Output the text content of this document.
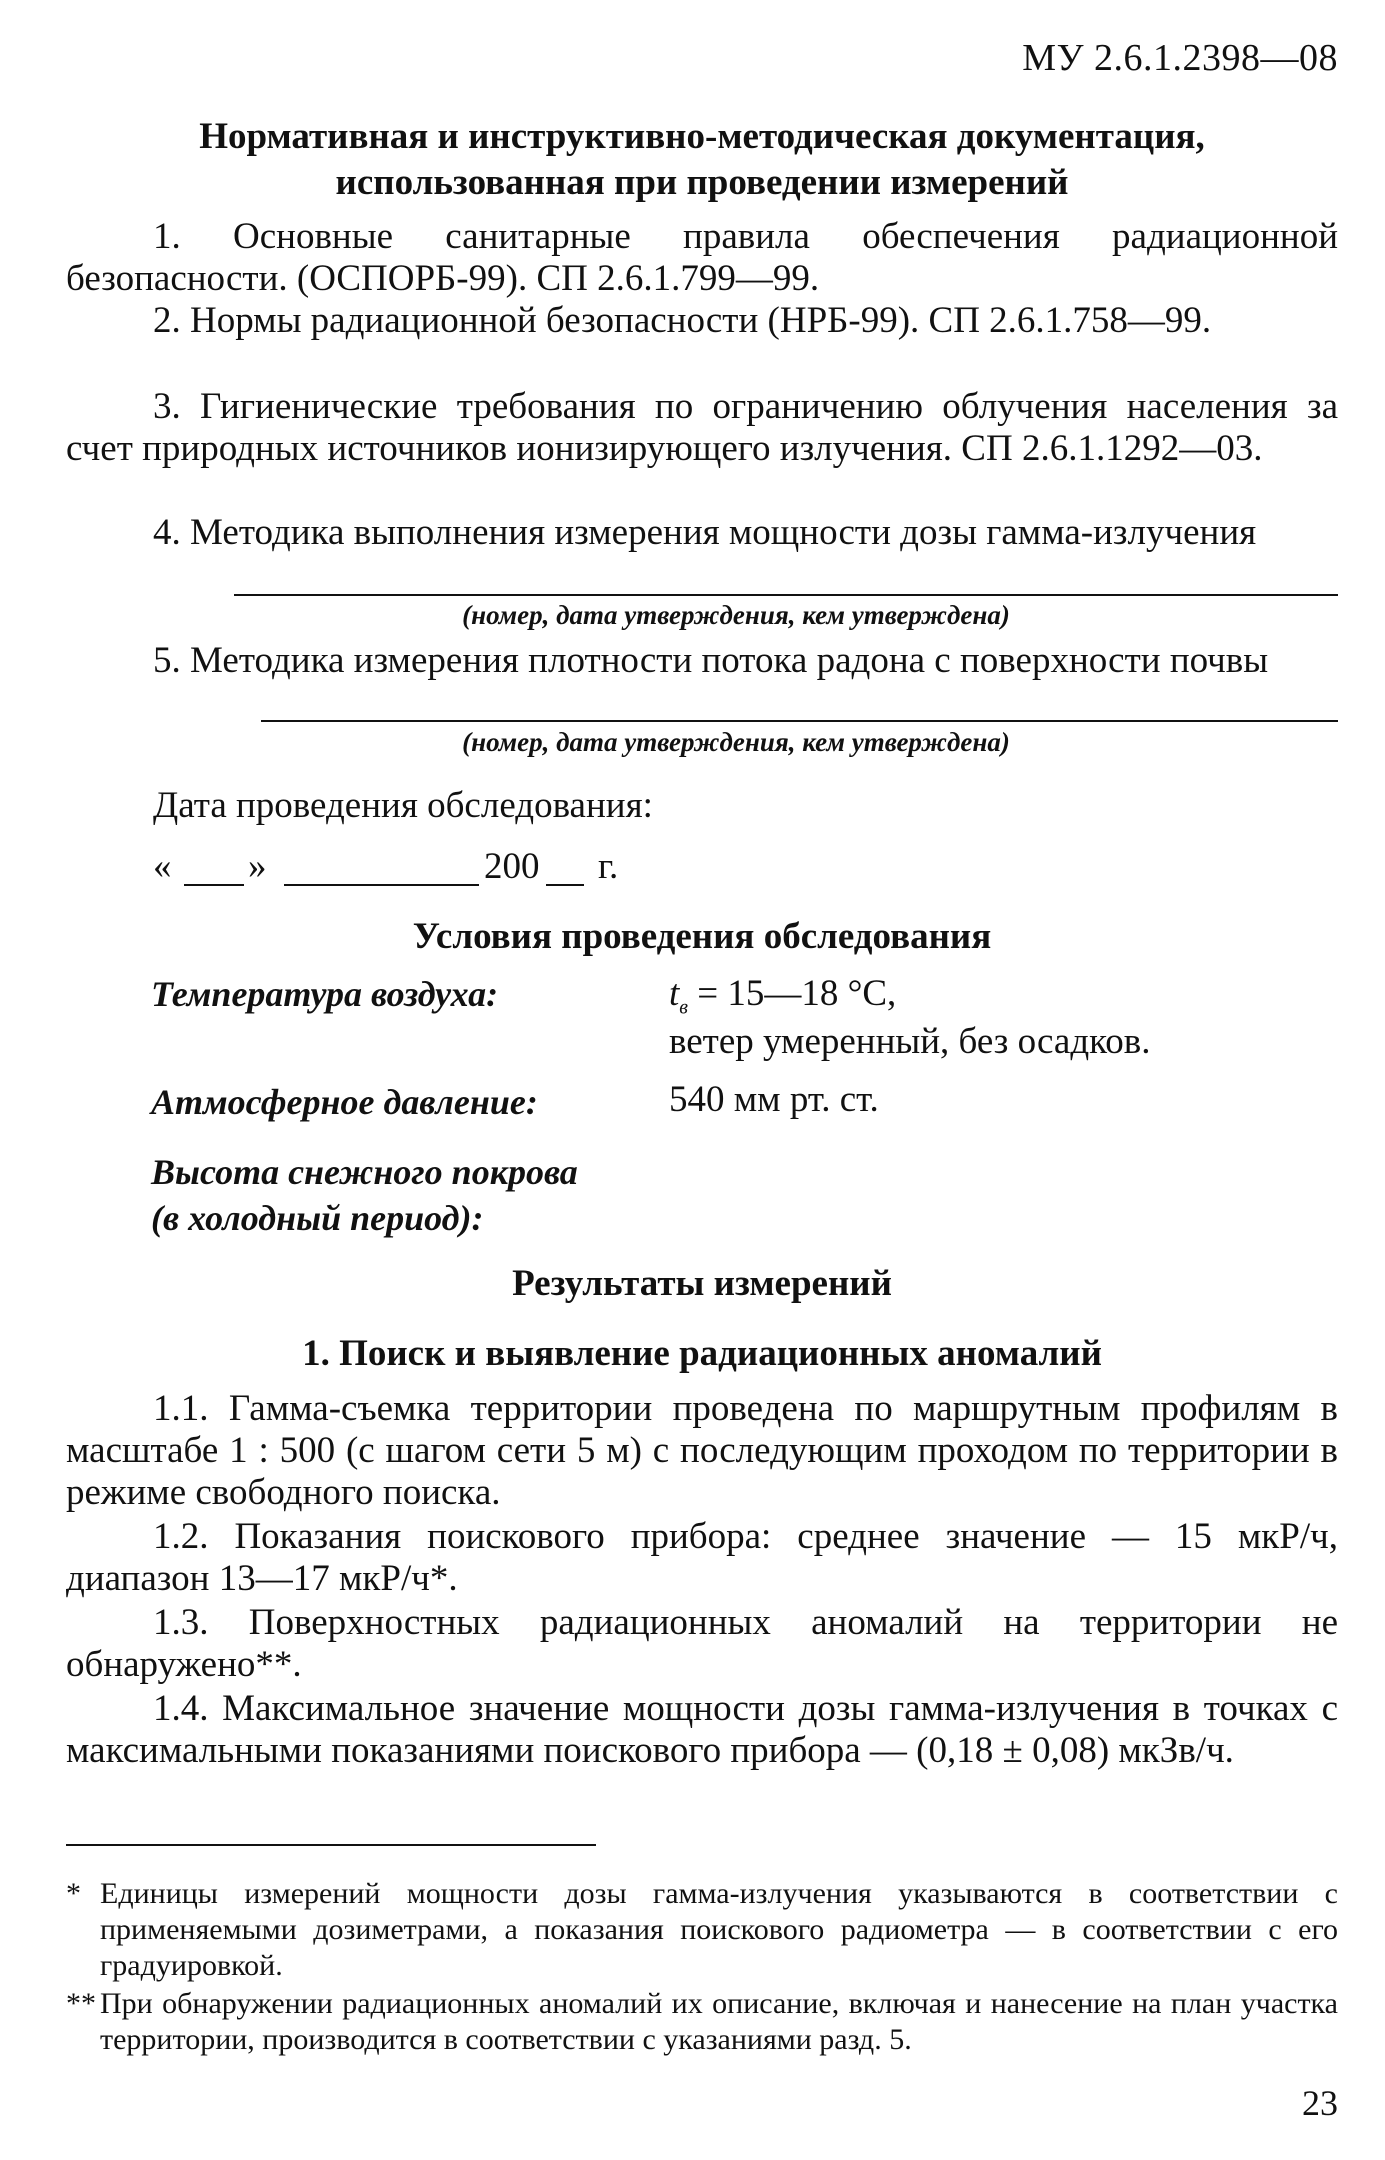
МУ 2.6.1.2398—08
Нормативная и инструктивно-методическая документация,
использованная при проведении измерений
1. Основные санитарные правила обеспечения радиационной безопасности. (ОСПОРБ-99). СП 2.6.1.799—99.
2. Нормы радиационной безопасности (НРБ-99). СП 2.6.1.758—99.
3. Гигиенические требования по ограничению облучения населения за счет природных источников ионизирующего излучения. СП 2.6.1.1292—03.
4. Методика выполнения измерения мощности дозы гамма-излучения
(номер, дата утверждения, кем утверждена)
5. Методика измерения плотности потока радона с поверхности почвы
(номер, дата утверждения, кем утверждена)
Дата проведения обследования:
« »	200 г.
Условия проведения обследования
Температура воздуха:	$t_в$ = 15—18 °С,
ветер умеренный, без осадков.
Атмосферное давление:	540 мм рт. ст.
Высота снежного покрова
(в холодный период):
Результаты измерений
1. Поиск и выявление радиационных аномалий
1.1. Гамма-съемка территории проведена по маршрутным профилям в масштабе 1 : 500 (с шагом сети 5 м) с последующим проходом по территории в режиме свободного поиска.
1.2. Показания поискового прибора: среднее значение — 15 мкР/ч, диапазон 13—17 мкР/ч*.
1.3. Поверхностных радиационных аномалий на территории не обнаружено**.
1.4. Максимальное значение мощности дозы гамма-излучения в точках с максимальными показаниями поискового прибора — (0,18 ± 0,08) мкЗв/ч.
* Единицы измерений мощности дозы гамма-излучения указываются в соответствии с применяемыми дозиметрами, а показания поискового радиометра — в соответствии с его градуировкой.
** При обнаружении радиационных аномалий их описание, включая и нанесение на план участка территории, производится в соответствии с указаниями разд. 5.
23
